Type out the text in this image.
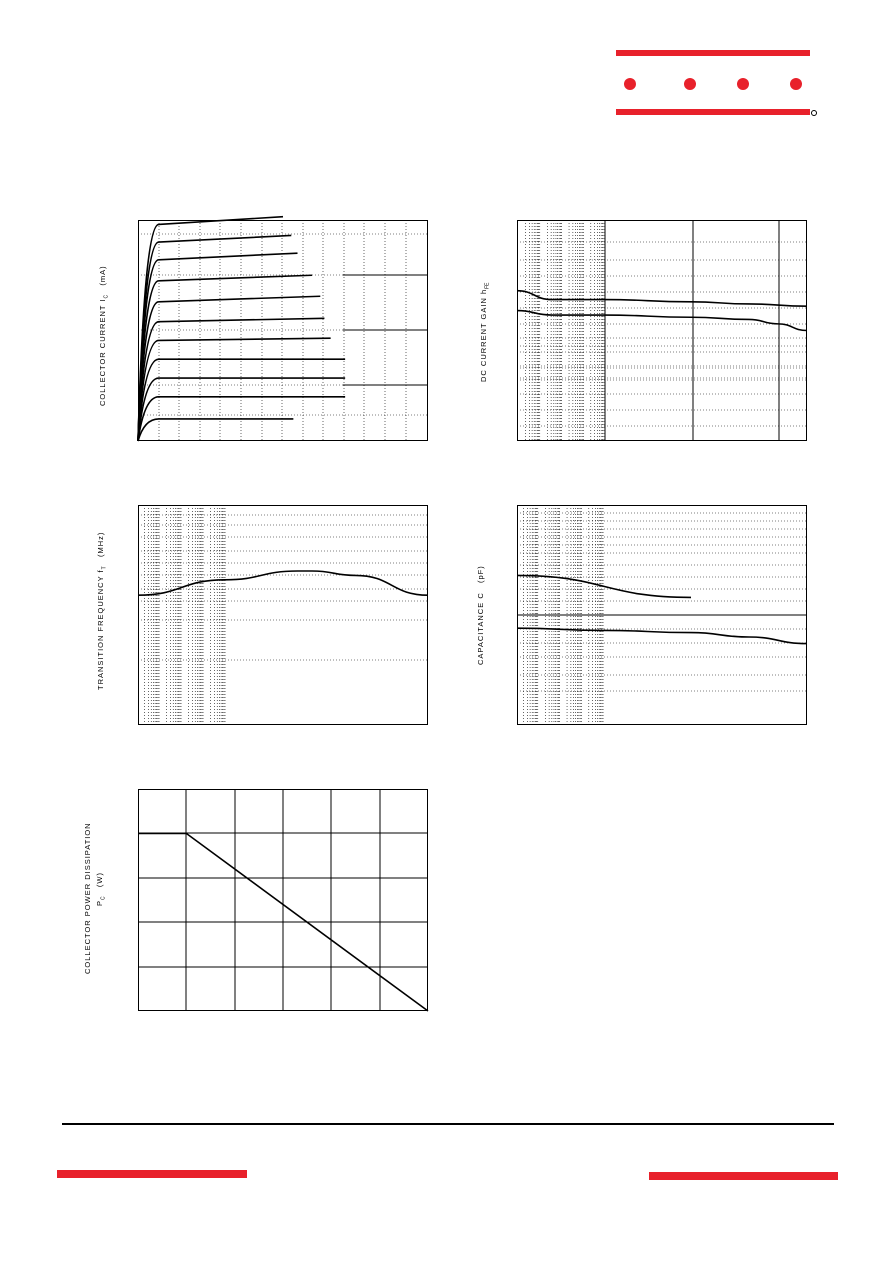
COLLECTOR CURRENT $I_C$   (mA)
DC CURRENT GAIN $h_{FE}$
TRANSITION FREQUENCY $f_T$   (MHz)
CAPACITANCE C   (pF)
COLLECTOR POWER DISSIPATION $P_C$   (W)
